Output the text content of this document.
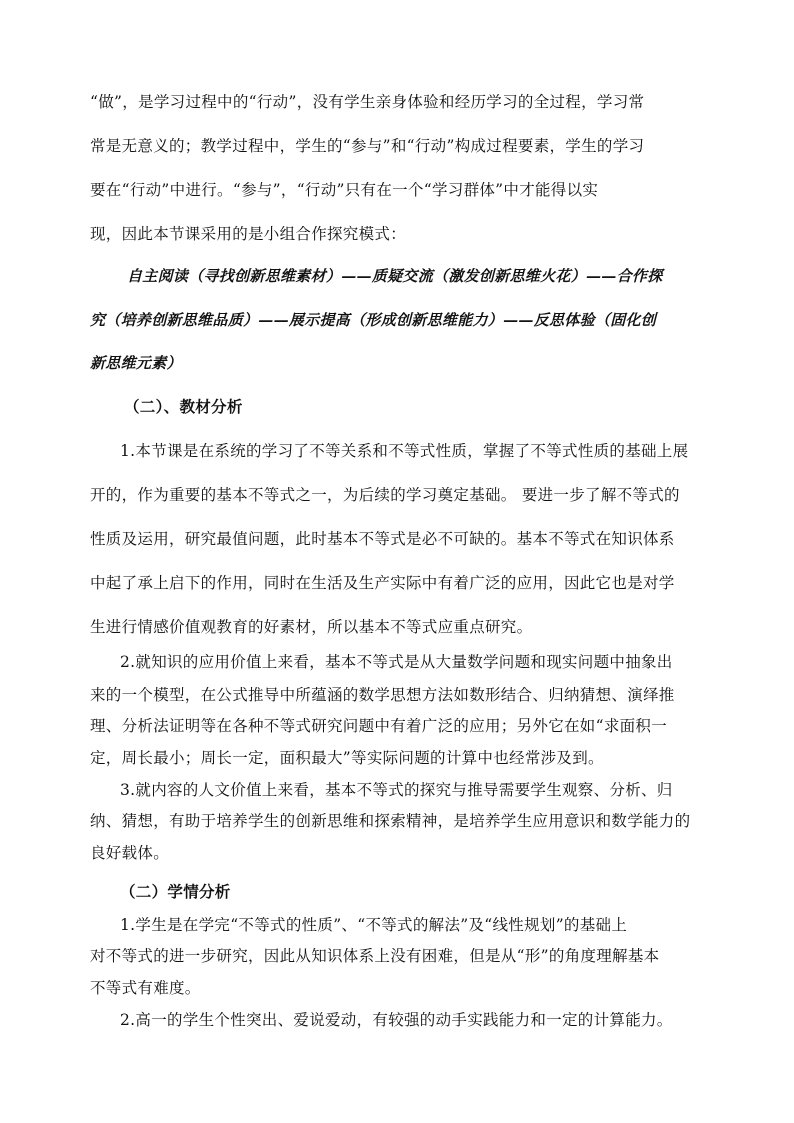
“做”，是学习过程中的“行动”，没有学生亲身体验和经历学习的全过程，学习常
常是无意义的；教学过程中，学生的“参与”和“行动”构成过程要素，学生的学习
要在“行动”中进行。“参与”，“行动”只有在一个“学习群体”中才能得以实
现，因此本节课采用的是小组合作探究模式：
自主阅读（寻找创新思维素材）——质疑交流（激发创新思维火花）——合作探
究（培养创新思维品质）——展示提高（形成创新思维能力）——反思体验（固化创
新思维元素）
（二）、教材分析
1.本节课是在系统的学习了不等关系和不等式性质，掌握了不等式性质的基础上展
开的，作为重要的基本不等式之一，为后续的学习奠定基础。 要进一步了解不等式的
性质及运用，研究最值问题，此时基本不等式是必不可缺的。基本不等式在知识体系
中起了承上启下的作用，同时在生活及生产实际中有着广泛的应用，因此它也是对学
生进行情感价值观教育的好素材，所以基本不等式应重点研究。
2.就知识的应用价值上来看，基本不等式是从大量数学问题和现实问题中抽象出
来的一个模型，在公式推导中所蕴涵的数学思想方法如数形结合、归纳猜想、演绎推
理、分析法证明等在各种不等式研究问题中有着广泛的应用；另外它在如“求面积一
定，周长最小；周长一定，面积最大”等实际问题的计算中也经常涉及到。
3.就内容的人文价值上来看，基本不等式的探究与推导需要学生观察、分析、归
纳、猜想，有助于培养学生的创新思维和探索精神，是培养学生应用意识和数学能力的
良好载体。
（二）学情分析
1.学生是在学完“不等式的性质”、“不等式的解法”及“线性规划”的基础上
对不等式的进一步研究，因此从知识体系上没有困难，但是从“形”的角度理解基本
不等式有难度。
2.高一的学生个性突出、爱说爱动，有较强的动手实践能力和一定的计算能力。
